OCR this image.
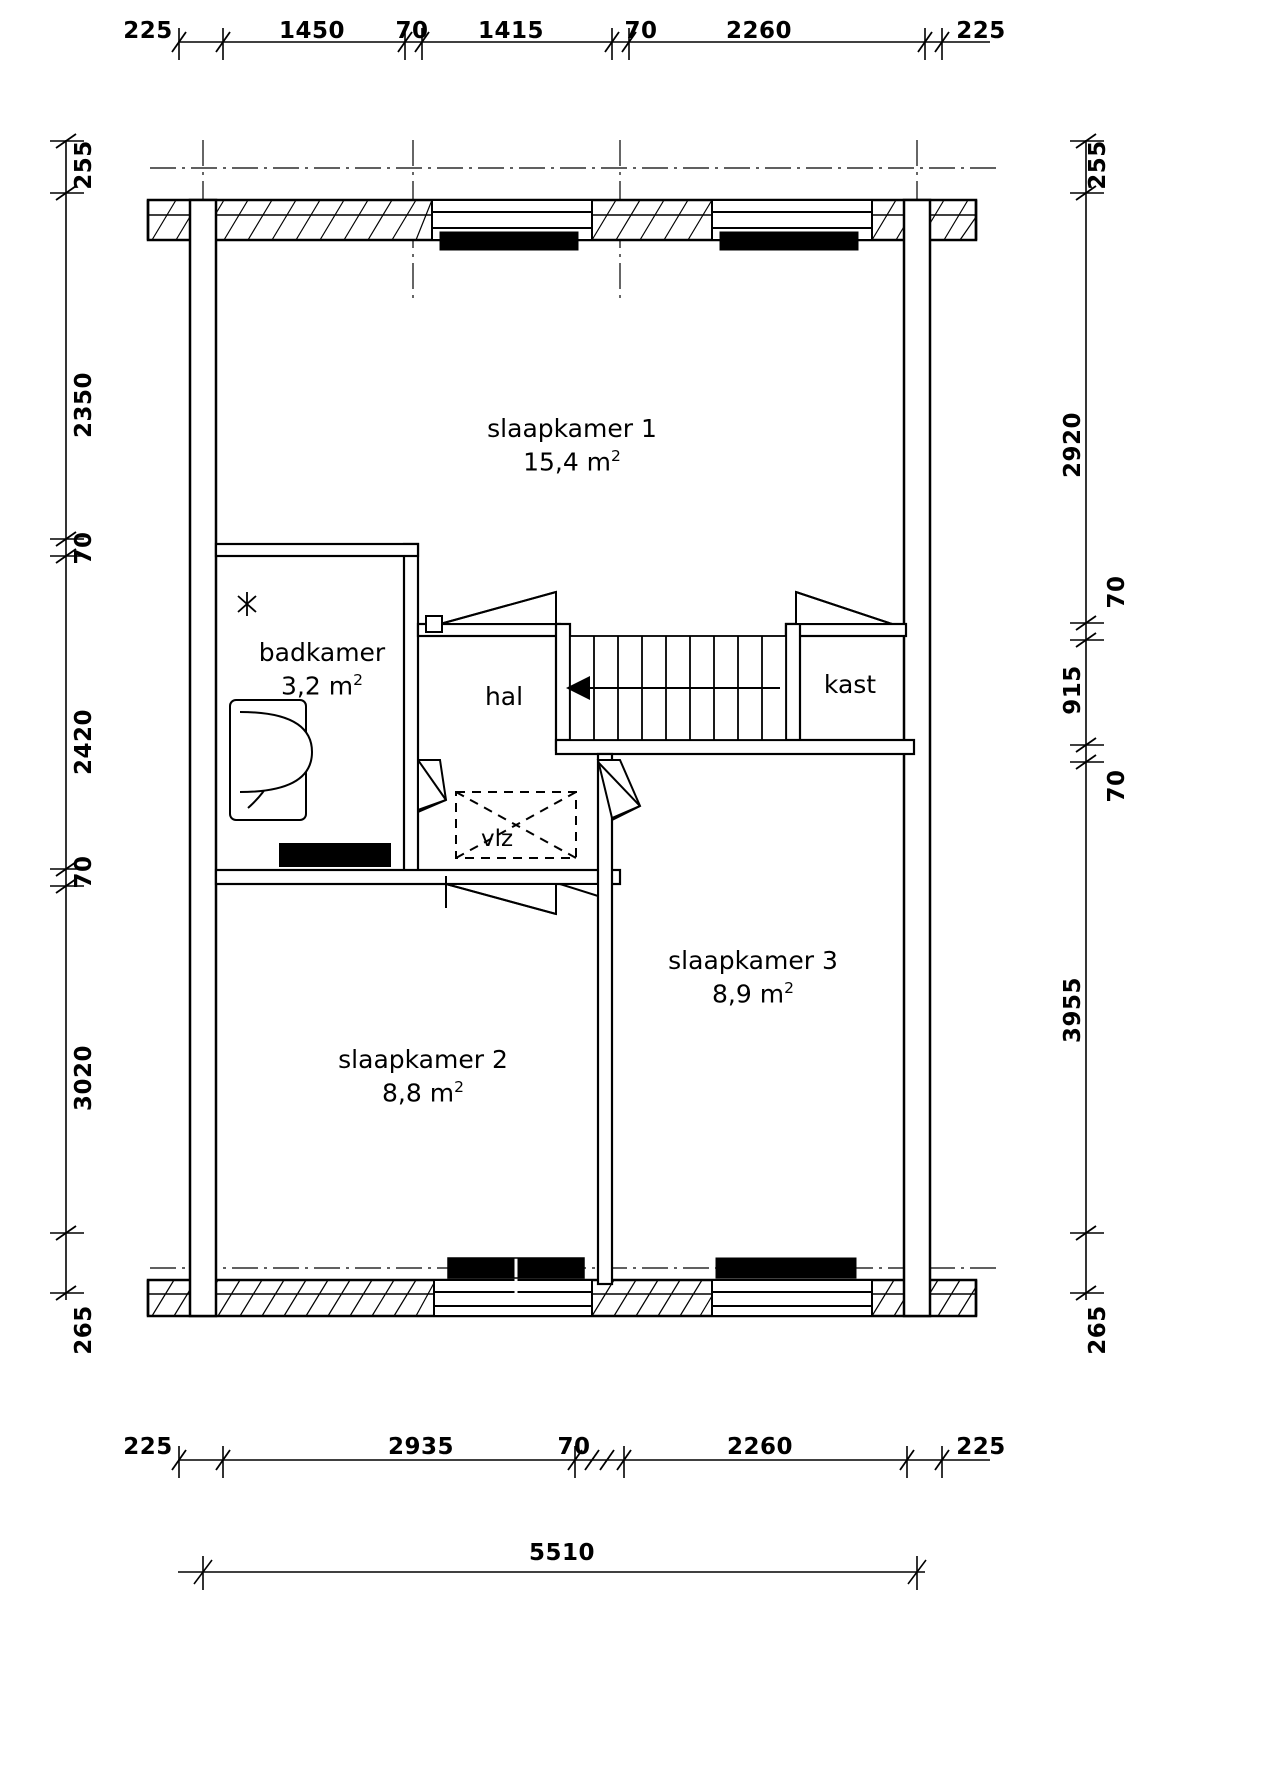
slaapkamer 1
15,4 $m^2$
badkamer
3,2 $m^2$
hal	kast
vlz
slaapkamer 3
8,9 $m^2$
slaapkamer 2
8,8 $m^2$
225	1450 70 1415	70	2260	225
225	2935	70	2260	225
5510
255
2350
70
2420
70
3020
265
255
2920
70
915
70
3955
265
